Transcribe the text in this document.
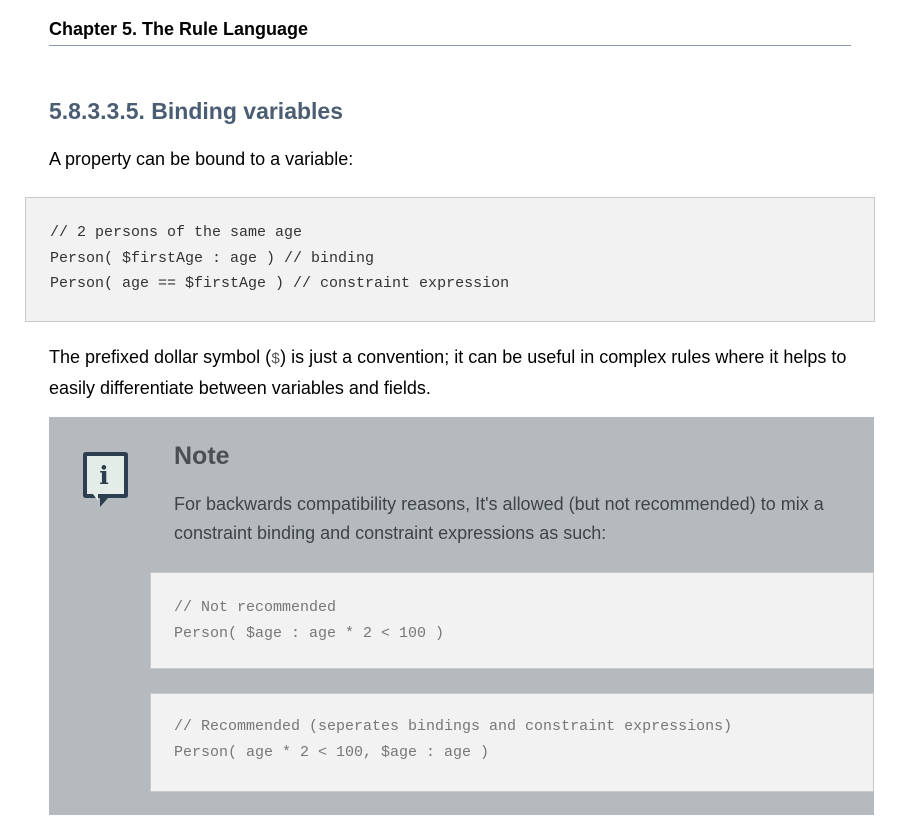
Chapter 5. The Rule Language
5.8.3.3.5. Binding variables

A property can be bound to a variable:

// 2 persons of the same age
Person( $firstAge : age ) // binding
Person( age == $firstAge ) // constraint expression

The prefixed dollar symbol ($) is just a convention; it can be useful in complex rules where it helps to easily differentiate between variables and fields.

i
Note

For backwards compatibility reasons, It's allowed (but not recommended) to mix a constraint binding and constraint expressions as such:

// Not recommended
Person( $age : age * 2 < 100 )
// Recommended (seperates bindings and constraint expressions)
Person( age * 2 < 100, $age : age )
